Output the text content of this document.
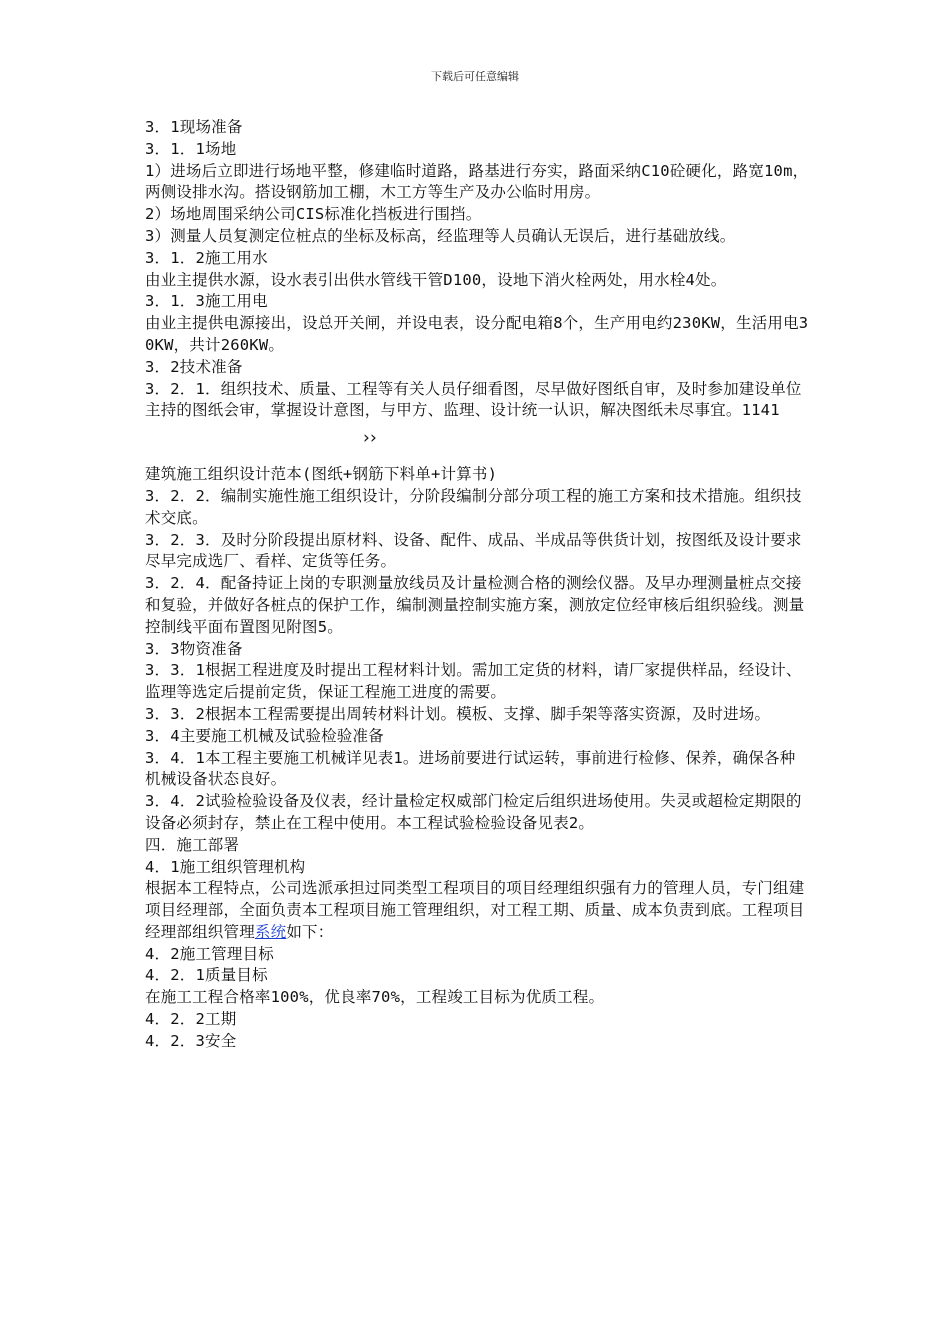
下载后可任意编辑

3．1现场准备

3．1．1场地

1）进场后立即进行场地平整，修建临时道路，路基进行夯实，路面采纳C10砼硬化，路宽10m，两侧设排水沟。搭设钢筋加工棚，木工方等生产及办公临时用房。

2）场地周围采纳公司CIS标准化挡板进行围挡。

3）测量人员复测定位桩点的坐标及标高，经监理等人员确认无误后，进行基础放线。

3．1．2施工用水

由业主提供水源，设水表引出供水管线干管D100，设地下消火栓两处，用水栓4处。

3．1．3施工用电

由业主提供电源接出，设总开关闸，并设电表，设分配电箱8个，生产用电约230KW，生活用电30KW，共计260KW。

3．2技术准备

3．2．1．组织技术、质量、工程等有关人员仔细看图，尽早做好图纸自审，及时参加建设单位主持的图纸会审，掌握设计意图，与甲方、监理、设计统一认识，解决图纸未尽事宜。1141

››

建筑施工组织设计范本(图纸+钢筋下料单+计算书)

3．2．2．编制实施性施工组织设计，分阶段编制分部分项工程的施工方案和技术措施。组织技术交底。

3．2．3．及时分阶段提出原材料、设备、配件、成品、半成品等供货计划，按图纸及设计要求尽早完成选厂、看样、定货等任务。

3．2．4．配备持证上岗的专职测量放线员及计量检测合格的测绘仪器。及早办理测量桩点交接和复验，并做好各桩点的保护工作，编制测量控制实施方案，测放定位经审核后组织验线。测量控制线平面布置图见附图5。

3．3物资准备

3．3．1根据工程进度及时提出工程材料计划。需加工定货的材料，请厂家提供样品，经设计、监理等选定后提前定货，保证工程施工进度的需要。

3．3．2根据本工程需要提出周转材料计划。模板、支撑、脚手架等落实资源，及时进场。

3．4主要施工机械及试验检验准备

3．4．1本工程主要施工机械详见表1。进场前要进行试运转，事前进行检修、保养，确保各种机械设备状态良好。

3．4．2试验检验设备及仪表，经计量检定权威部门检定后组织进场使用。失灵或超检定期限的设备必须封存，禁止在工程中使用。本工程试验检验设备见表2。

四．施工部署

4．1施工组织管理机构

根据本工程特点，公司选派承担过同类型工程项目的项目经理组织强有力的管理人员，专门组建项目经理部，全面负责本工程项目施工管理组织，对工程工期、质量、成本负责到底。工程项目经理部组织管理系统如下：

4．2施工管理目标

4．2．1质量目标

在施工工程合格率100%，优良率70%，工程竣工目标为优质工程。

4．2．2工期

4．2．3安全
